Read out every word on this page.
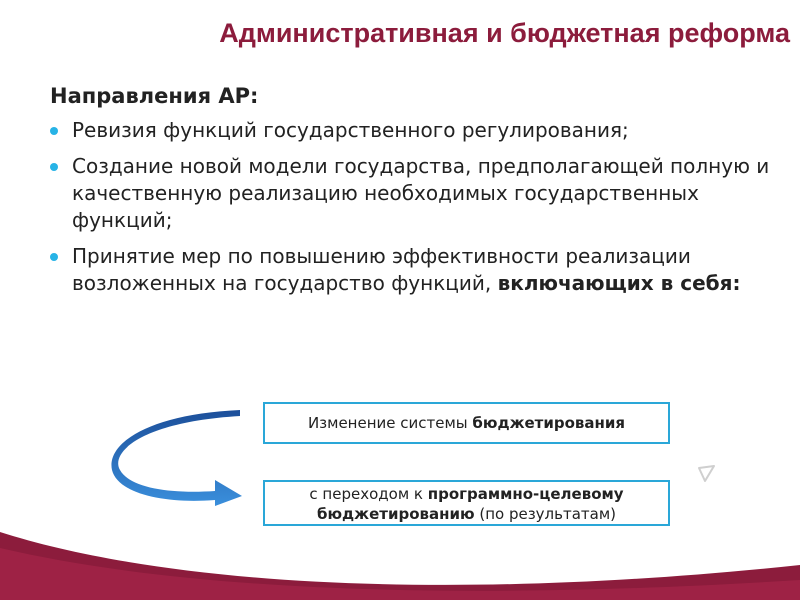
Административная и бюджетная реформа
Направления АР:
Ревизия функций государственного регулирования;
Создание новой модели государства, предполагающей полную и качественную реализацию необходимых государственных функций;
Принятие мер по повышению эффективности реализации возложенных на государство функций, включающих в себя:
Изменение системы бюджетирования
с переходом к программно-целевому бюджетированию (по результатам)
